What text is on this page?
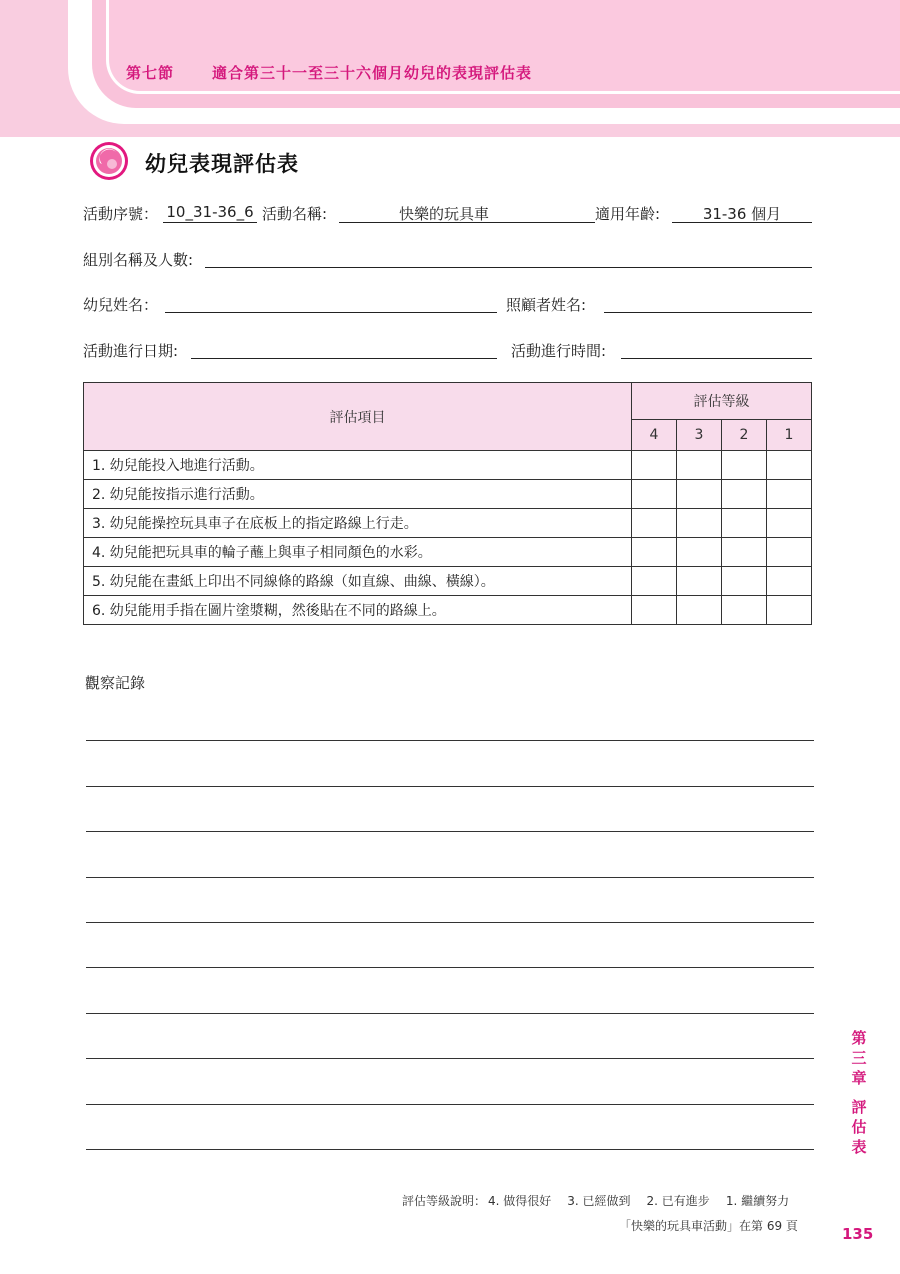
第七節	適合第三十一至三十六個月幼兒的表現評估表
幼兒表現評估表
活動序號： 10_31-36_6 活動名稱:	快樂的玩具車	適用年齡:	31-36 個月
組別名稱及人數:
幼兒姓名：	照顧者姓名:
活動進行日期:	活動進行時間:
評估項目	評估等級			
	4	3	2	1
1. 幼兒能投入地進行活動。				
2. 幼兒能按指示進行活動。				
3. 幼兒能操控玩具車子在底板上的指定路線上行走。				
4. 幼兒能把玩具車的輪子蘸上與車子相同顏色的水彩。				
5. 幼兒能在畫紙上印出不同線條的路線（如直線、曲線、橫線）。				
6. 幼兒能用手指在圖片塗漿糊，然後貼在不同的路線上。				
觀察記錄
第
三
章
評
估
表
評估等級說明： 4. 做得很好 3. 已經做到 2. 已有進步 1. 繼續努力
「快樂的玩具車活動」在第 69 頁	135
